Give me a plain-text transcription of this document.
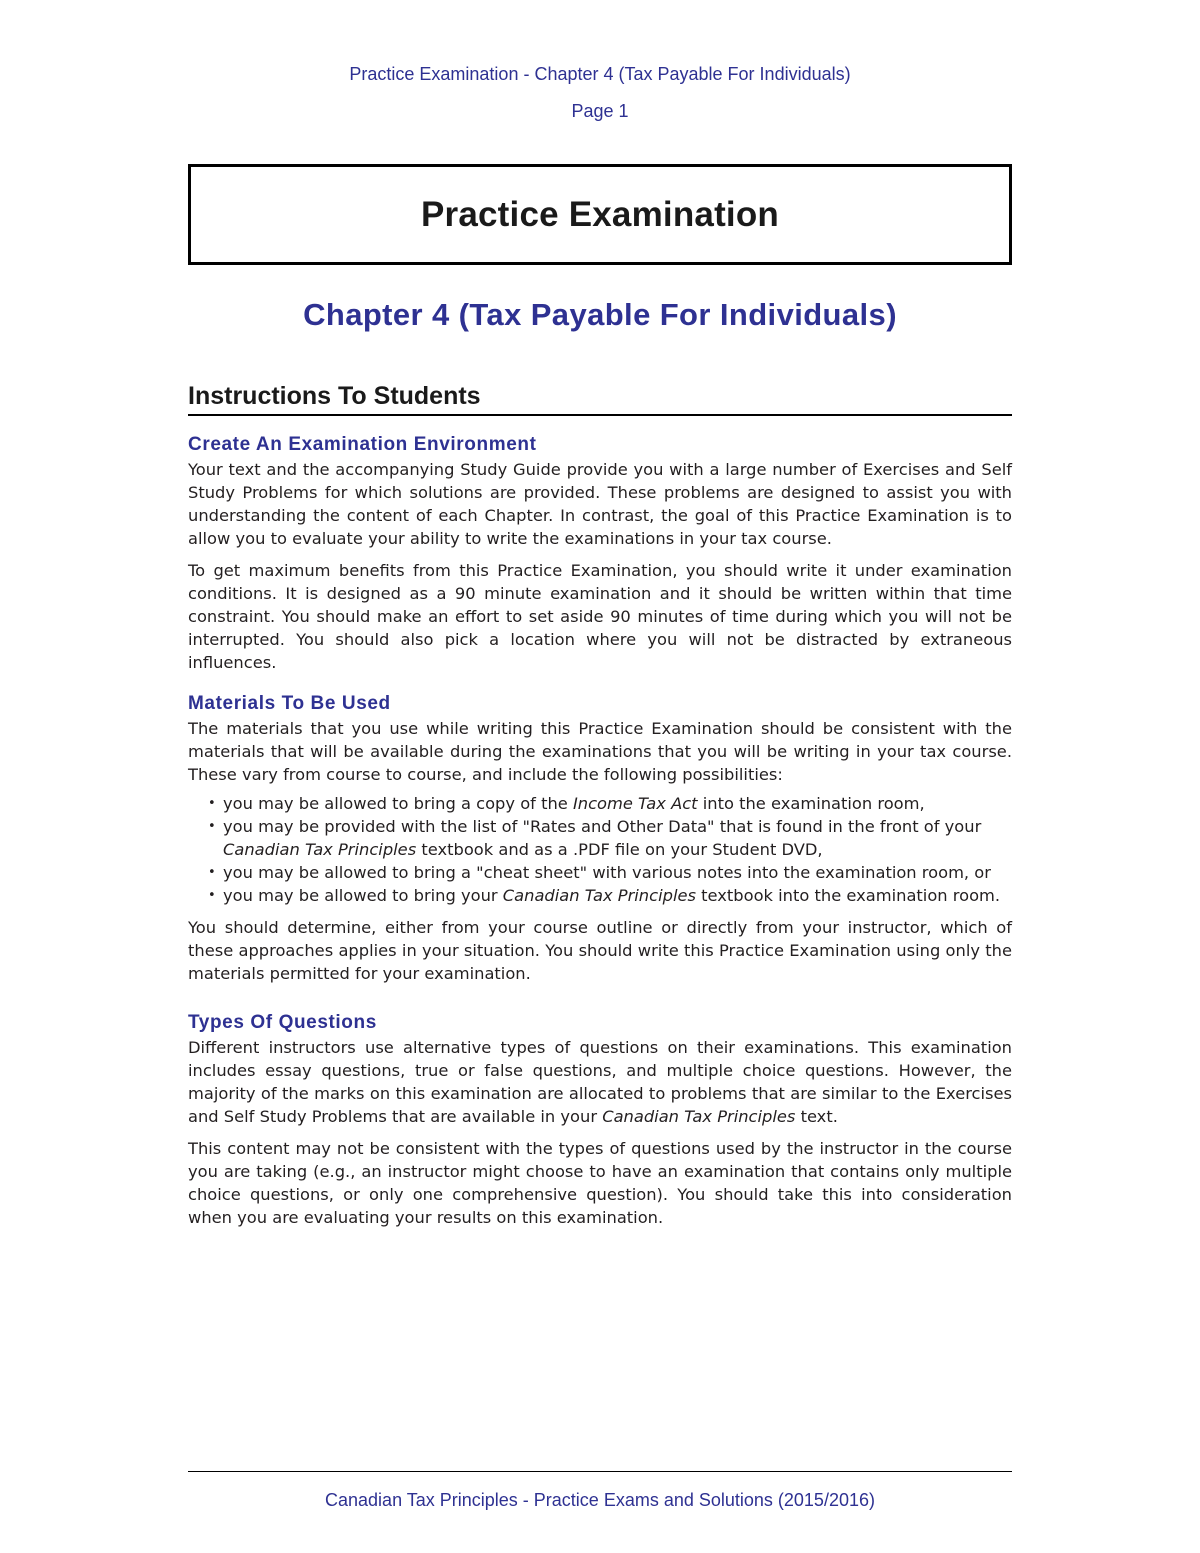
Practice Examination - Chapter 4 (Tax Payable For Individuals)

Page 1

Practice Examination
Chapter 4 (Tax Payable For Individuals)
Instructions To Students
Create An Examination Environment

Your text and the accompanying Study Guide provide you with a large number of Exercises and Self Study Problems for which solutions are provided. These problems are designed to assist you with understanding the content of each Chapter. In contrast, the goal of this Practice Examination is to allow you to evaluate your ability to write the examinations in your tax course.

To get maximum benefits from this Practice Examination, you should write it under examination conditions. It is designed as a 90 minute examination and it should be written within that time constraint. You should make an effort to set aside 90 minutes of time during which you will not be interrupted. You should also pick a location where you will not be distracted by extraneous influences.

Materials To Be Used

The materials that you use while writing this Practice Examination should be consistent with the materials that will be available during the examinations that you will be writing in your tax course. These vary from course to course, and include the following possibilities:

• you may be allowed to bring a copy of the Income Tax Act into the examination room,
• you may be provided with the list of "Rates and Other Data" that is found in the front of your Canadian Tax Principles textbook and as a .PDF file on your Student DVD,
• you may be allowed to bring a "cheat sheet" with various notes into the examination room, or
• you may be allowed to bring your Canadian Tax Principles textbook into the examination room.

You should determine, either from your course outline or directly from your instructor, which of these approaches applies in your situation. You should write this Practice Examination using only the materials permitted for your examination.

Types Of Questions

Different instructors use alternative types of questions on their examinations. This examination includes essay questions, true or false questions, and multiple choice questions. However, the majority of the marks on this examination are allocated to problems that are similar to the Exercises and Self Study Problems that are available in your Canadian Tax Principles text.

This content may not be consistent with the types of questions used by the instructor in the course you are taking (e.g., an instructor might choose to have an examination that contains only multiple choice questions, or only one comprehensive question). You should take this into consideration when you are evaluating your results on this examination.

Canadian Tax Principles - Practice Exams and Solutions (2015/2016)
